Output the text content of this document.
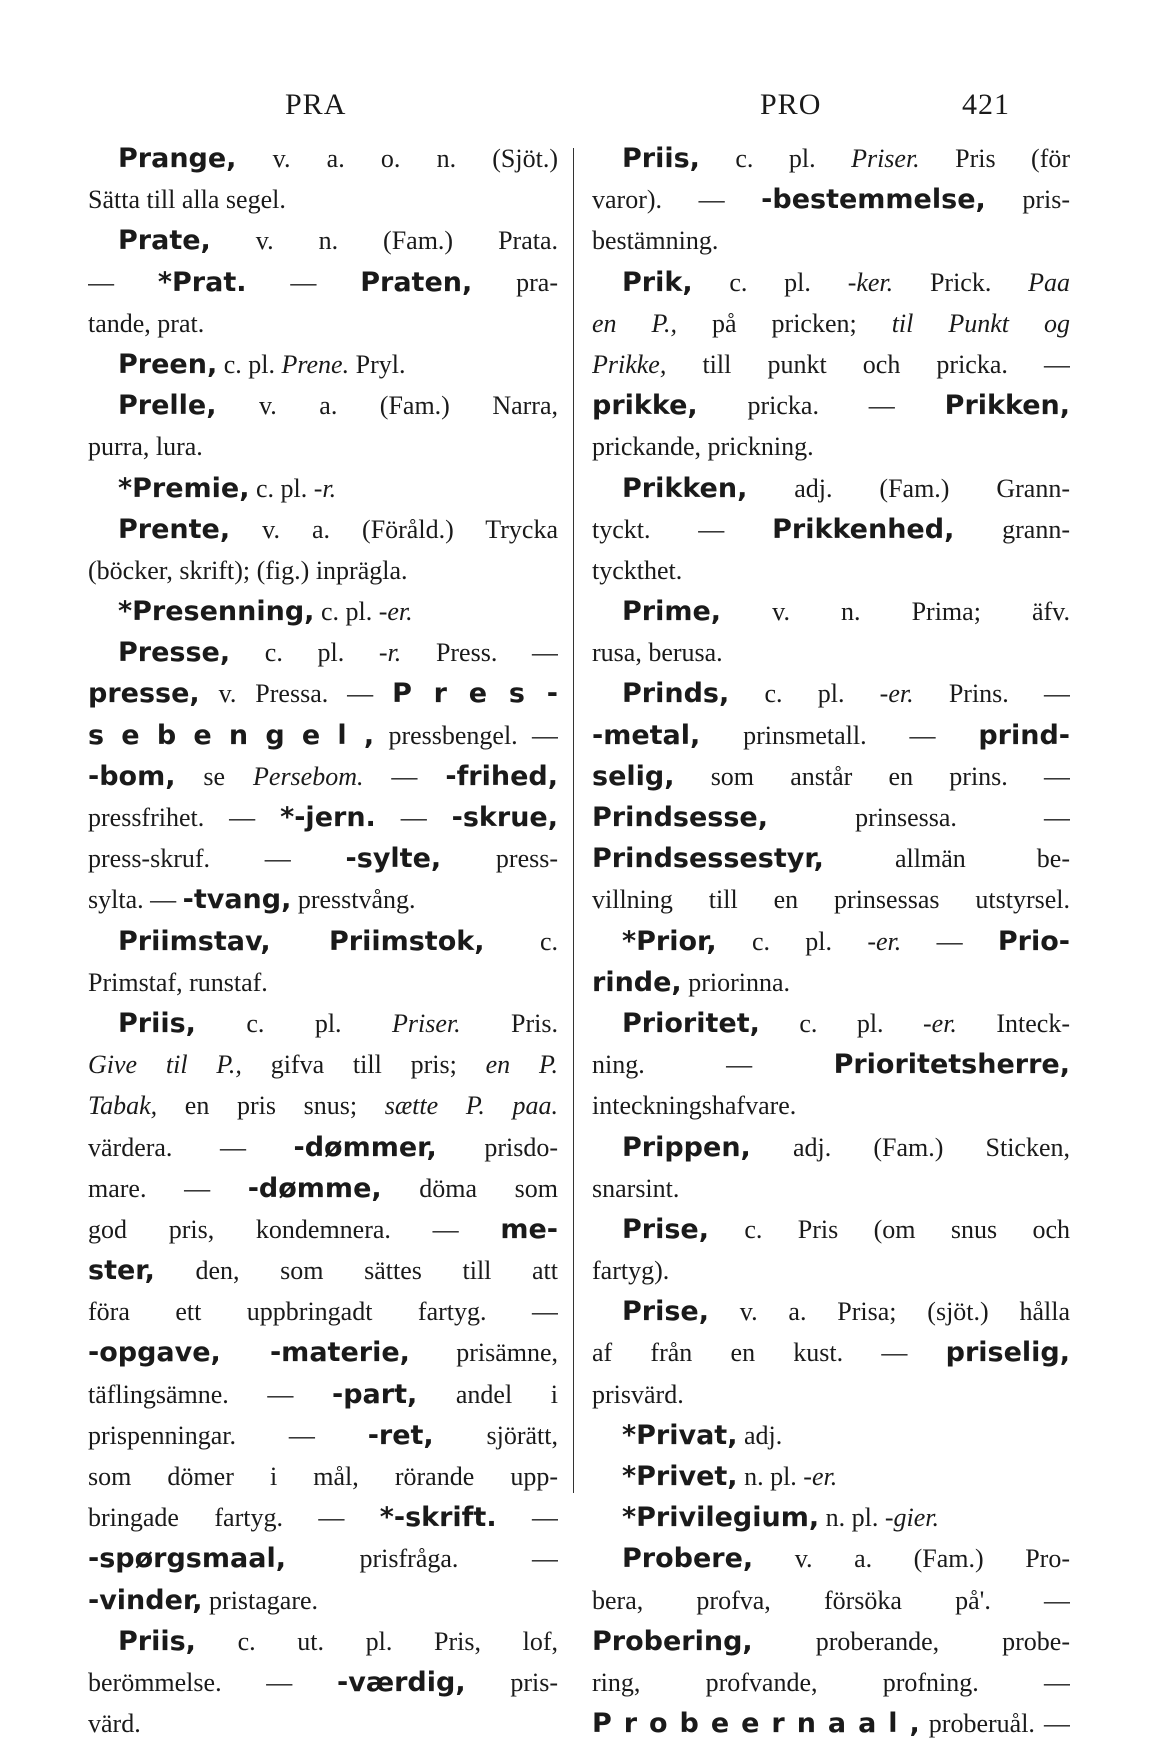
PRA	PRO	421
Prange, v. a. o. n. (Sjöt.)
Sätta till alla segel.
Prate, v. n. (Fam.) Prata.
— *Prat. — Praten, pra-
tande, prat.
Preen, c. pl. Prene. Pryl.
Prelle, v. a. (Fam.) Narra,
purra, lura.
*Premie, c. pl. -r.
Prente, v. a. (Föråld.) Trycka
(böcker, skrift); (fig.) inprägla.
*Presenning, c. pl. -er.
Presse, c. pl. -r. Press. —
presse, v. Pressa. — P r e s -
s e b e n g e l , pressbengel. —
-bom, se Persebom. — -frihed,
pressfrihet. — *-jern. — -skrue,
press-skruf. — -sylte, press-
sylta. — -tvang, presstvång.
Priimstav, Priimstok, c.
Primstaf, runstaf.
Priis, c. pl. Priser. Pris.
Give til P., gifva till pris; en P.
Tabak, en pris snus; sætte P. paa.
värdera. — -dømmer, prisdo-
mare. — -dømme, döma som
god pris, kondemnera. — me-
ster, den, som sättes till att
föra ett uppbringadt fartyg. —
-opgave, -materie, prisämne,
täflingsämne. — -part, andel i
prispenningar. — -ret, sjörätt,
som dömer i mål, rörande upp-
bringade fartyg. — *-skrift. —
-spørgsmaal, prisfråga. —
-vinder, pristagare.
Priis, c. ut. pl. Pris, lof,
berömmelse. — -værdig, pris-
värd.
Priis, c. pl. Priser. Pris (för
varor). — -bestemmelse, pris-
bestämning.
Prik, c. pl. -ker. Prick. Paa
en P., på pricken; til Punkt og
Prikke, till punkt och pricka. —
prikke, pricka. — Prikken,
prickande, prickning.
Prikken, adj. (Fam.) Grann-
tyckt. — Prikkenhed, grann-
tyckthet.
Prime, v. n. Prima; äfv.
rusa, berusa.
Prinds, c. pl. -er. Prins. —
-metal, prinsmetall. — prind-
selig, som anstår en prins. —
Prindsesse, prinsessa. —
Prindsessestyr, allmän be-
villning till en prinsessas utstyrsel.
*Prior, c. pl. -er. — Prio-
rinde, priorinna.
Prioritet, c. pl. -er. Inteck-
ning. — Prioritetsherre,
inteckningshafvare.
Prippen, adj. (Fam.) Sticken,
snarsint.
Prise, c. Pris (om snus och
fartyg).
Prise, v. a. Prisa; (sjöt.) hålla
af från en kust. — priselig,
prisvärd.
*Privat, adj.
*Privet, n. pl. -er.
*Privilegium, n. pl. -gier.
Probere, v. a. (Fam.) Pro-
bera, profva, försöka på'. —
Probering, proberande, probe-
ring, profvande, profning. —
P r o b e e r n a a l , proberuål. —
